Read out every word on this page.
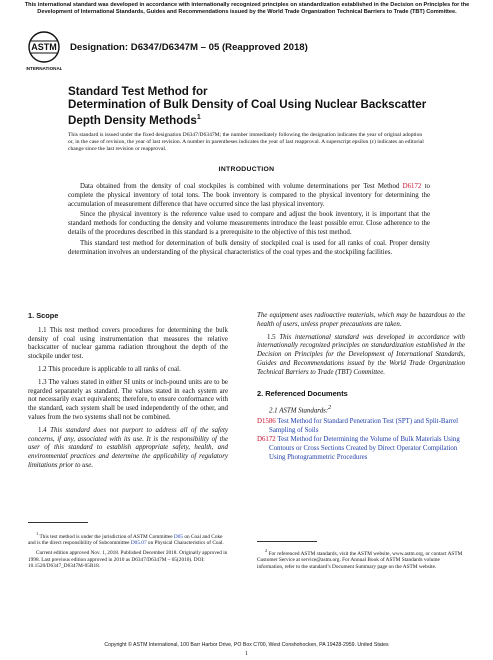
This international standard was developed in accordance with internationally recognized principles on standardization established in the Decision on Principles for the Development of International Standards, Guides and Recommendations issued by the World Trade Organization Technical Barriers to Trade (TBT) Committee.
ASTM
INTERNATIONAL
Designation: D6347/D6347M – 05 (Reapproved 2018)
Standard Test Method for
Determination of Bulk Density of Coal Using Nuclear Backscatter Depth Density Methods$^1$
This standard is issued under the fixed designation D6347/D6347M; the number immediately following the designation indicates the year of original adoption or, in the case of revision, the year of last revision. A number in parentheses indicates the year of last reapproval. A superscript epsilon (ε) indicates an editorial change since the last revision or reapproval.
INTRODUCTION

Data obtained from the density of coal stockpiles is combined with volume determinations per Test Method D6172 to complete the physical inventory of total tons. The book inventory is compared to the physical inventory for determining the accumulation of measurement difference that have occurred since the last physical inventory.

Since the physical inventory is the reference value used to compare and adjust the book inventory, it is important that the standard methods for conducting the density and volume measurements introduce the least possible error. Close adherence to the details of the procedures described in this standard is a prerequisite to the objective of this test method.

This standard test method for determination of bulk density of stockpiled coal is used for all ranks of coal. Proper density determination involves an understanding of the physical characteristics of the coal types and the stockpiling facilities.

1. Scope

1.1 This test method covers procedures for determining the bulk density of coal using instrumentation that measures the relative backscatter of nuclear gamma radiation throughout the depth of the stockpile under test.

1.2 This procedure is applicable to all ranks of coal.

1.3 The values stated in either SI units or inch-pound units are to be regarded separately as standard. The values stated in each system are not necessarily exact equivalents; therefore, to ensure conformance with the standard, each system shall be used independently of the other, and values from the two systems shall not be combined.

1.4 This standard does not purport to address all of the safety concerns, if any, associated with its use. It is the responsibility of the user of this standard to establish appropriate safety, health, and environmental practices and determine the applicability of regulatory limitations prior to use.

$^1$ This test method is under the jurisdiction of ASTM Committee D05 on Coal and Coke and is the direct responsibility of Subcommittee D05.07 on Physical Characteristics of Coal.

Current edition approved Nov. 1, 2018. Published December 2018. Originally approved in 1998. Last previous edition approved in 2010 as D6347/D6347M – 05(2010). DOI: 10.1520/D6347_D6347M-05R18.

The equipment uses radioactive materials, which may be hazardous to the health of users, unless proper precautions are taken.

1.5 This international standard was developed in accordance with internationally recognized principles on standardization established in the Decision on Principles for the Development of International Standards, Guides and Recommendations issued by the World Trade Organization Technical Barriers to Trade (TBT) Committee.

2. Referenced Documents
2.1 ASTM Standards:$^2$
D1586 Test Method for Standard Penetration Test (SPT) and Split-Barrel Sampling of Soils
D6172 Test Method for Determining the Volume of Bulk Materials Using Contours or Cross Sections Created by Direct Operator Compilation Using Photogrammetric Procedures

$^2$ For referenced ASTM standards, visit the ASTM website, www.astm.org, or contact ASTM Customer Service at service@astm.org. For Annual Book of ASTM Standards volume information, refer to the standard’s Document Summary page on the ASTM website.

Copyright © ASTM International, 100 Barr Harbor Drive, PO Box C700, West Conshohocken, PA 19428-2959. United States
1
